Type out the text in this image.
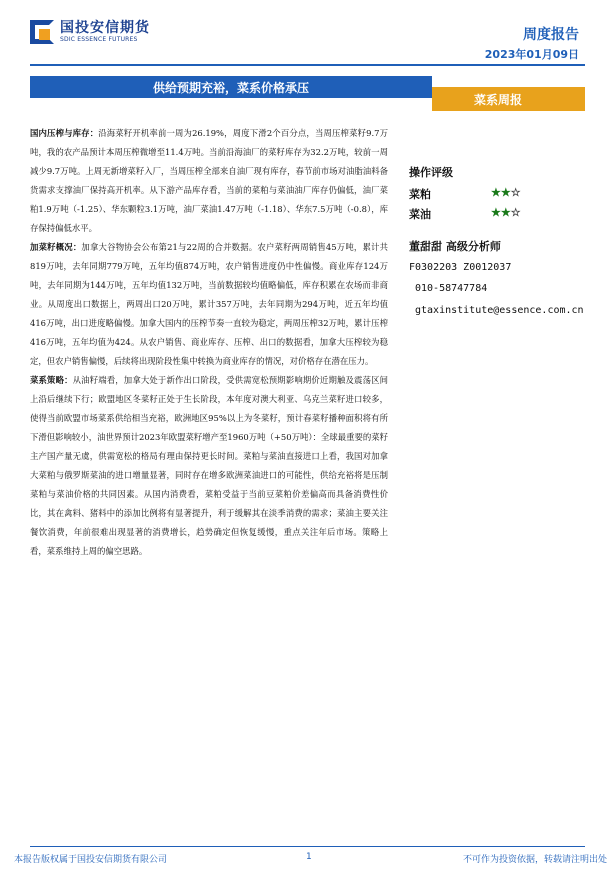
国投安信期货
SDIC ESSENCE FUTURES	周度报告
2023年01月09日
供给预期充裕，菜系价格承压
菜系周报

国内压榨与库存：沿海菜籽开机率前一周为26.19%，周度下滑2个百分点，当周压榨菜籽9.7万吨，我的农产品预计本周压榨微增至11.4万吨。当前沿海油厂的菜籽库存为32.2万吨，较前一周减少9.7万吨。上周无新增菜籽入厂，当周压榨全部来自油厂现有库存，春节前市场对油脂油料备货需求支撑油厂保持高开机率。从下游产品库存看，当前的菜粕与菜油油厂库存仍偏低，油厂菜粕1.9万吨（-1.25）、华东颗粒3.1万吨，油厂菜油1.47万吨（-1.18）、华东7.5万吨（-0.8），库存保持偏低水平。

加菜籽概况：加拿大谷物协会公布第21与22周的合并数据。农户菜籽两周销售45万吨，累计共819万吨，去年同期779万吨，五年均值874万吨，农户销售进度仍中性偏慢。商业库存124万吨，去年同期为144万吨，五年均值132万吨，当前数据较均值略偏低，库存积累在农场而非商业。从周度出口数据上，两周出口20万吨，累计357万吨，去年同期为294万吨，近五年均值416万吨，出口进度略偏慢。加拿大国内的压榨节奏一直较为稳定，两周压榨32万吨，累计压榨416万吨，五年均值为424。从农户销售、商业库存、压榨、出口的数据看，加拿大压榨较为稳定，但农户销售偏慢，后续将出现阶段性集中转换为商业库存的情况，对价格存在潜在压力。

菜系策略：从油籽端看，加拿大处于新作出口阶段，受供需宽松预期影响期价近期触及震荡区间上沿后继续下行；欧盟地区冬菜籽正处于生长阶段，本年度对澳大利亚、乌克兰菜籽进口较多，使得当前欧盟市场菜系供给相当充裕，欧洲地区95%以上为冬菜籽，预计春菜籽播种面积将有所下滑但影响较小，油世界预计2023年欧盟菜籽增产至1960万吨（+50万吨）：全球最重要的菜籽主产国产量无虞，供需宽松的格局有理由保持更长时间。菜粕与菜油直接进口上看，我国对加拿大菜粕与俄罗斯菜油的进口增量显著，同时存在增多欧洲菜油进口的可能性，供给充裕将是压制菜粕与菜油价格的共同因素。从国内消费看，菜粕受益于当前豆菜粕价差偏高而具备消费性价比，其在禽料、猪料中的添加比例将有显著提升，利于缓解其在淡季消费的需求；菜油主要关注餐饮消费，年前很难出现显著的消费增长，趋势确定但恢复缓慢，重点关注年后市场。策略上看，菜系维持上周的偏空思路。

操作评级
菜粕	★★☆
菜油	★★☆
董甜甜 高级分析师
F0302203 Z0012037
010-58747784
gtaxinstitute@essence.com.cn
本报告版权属于国投安信期货有限公司	1	不可作为投资依据，转载请注明出处
